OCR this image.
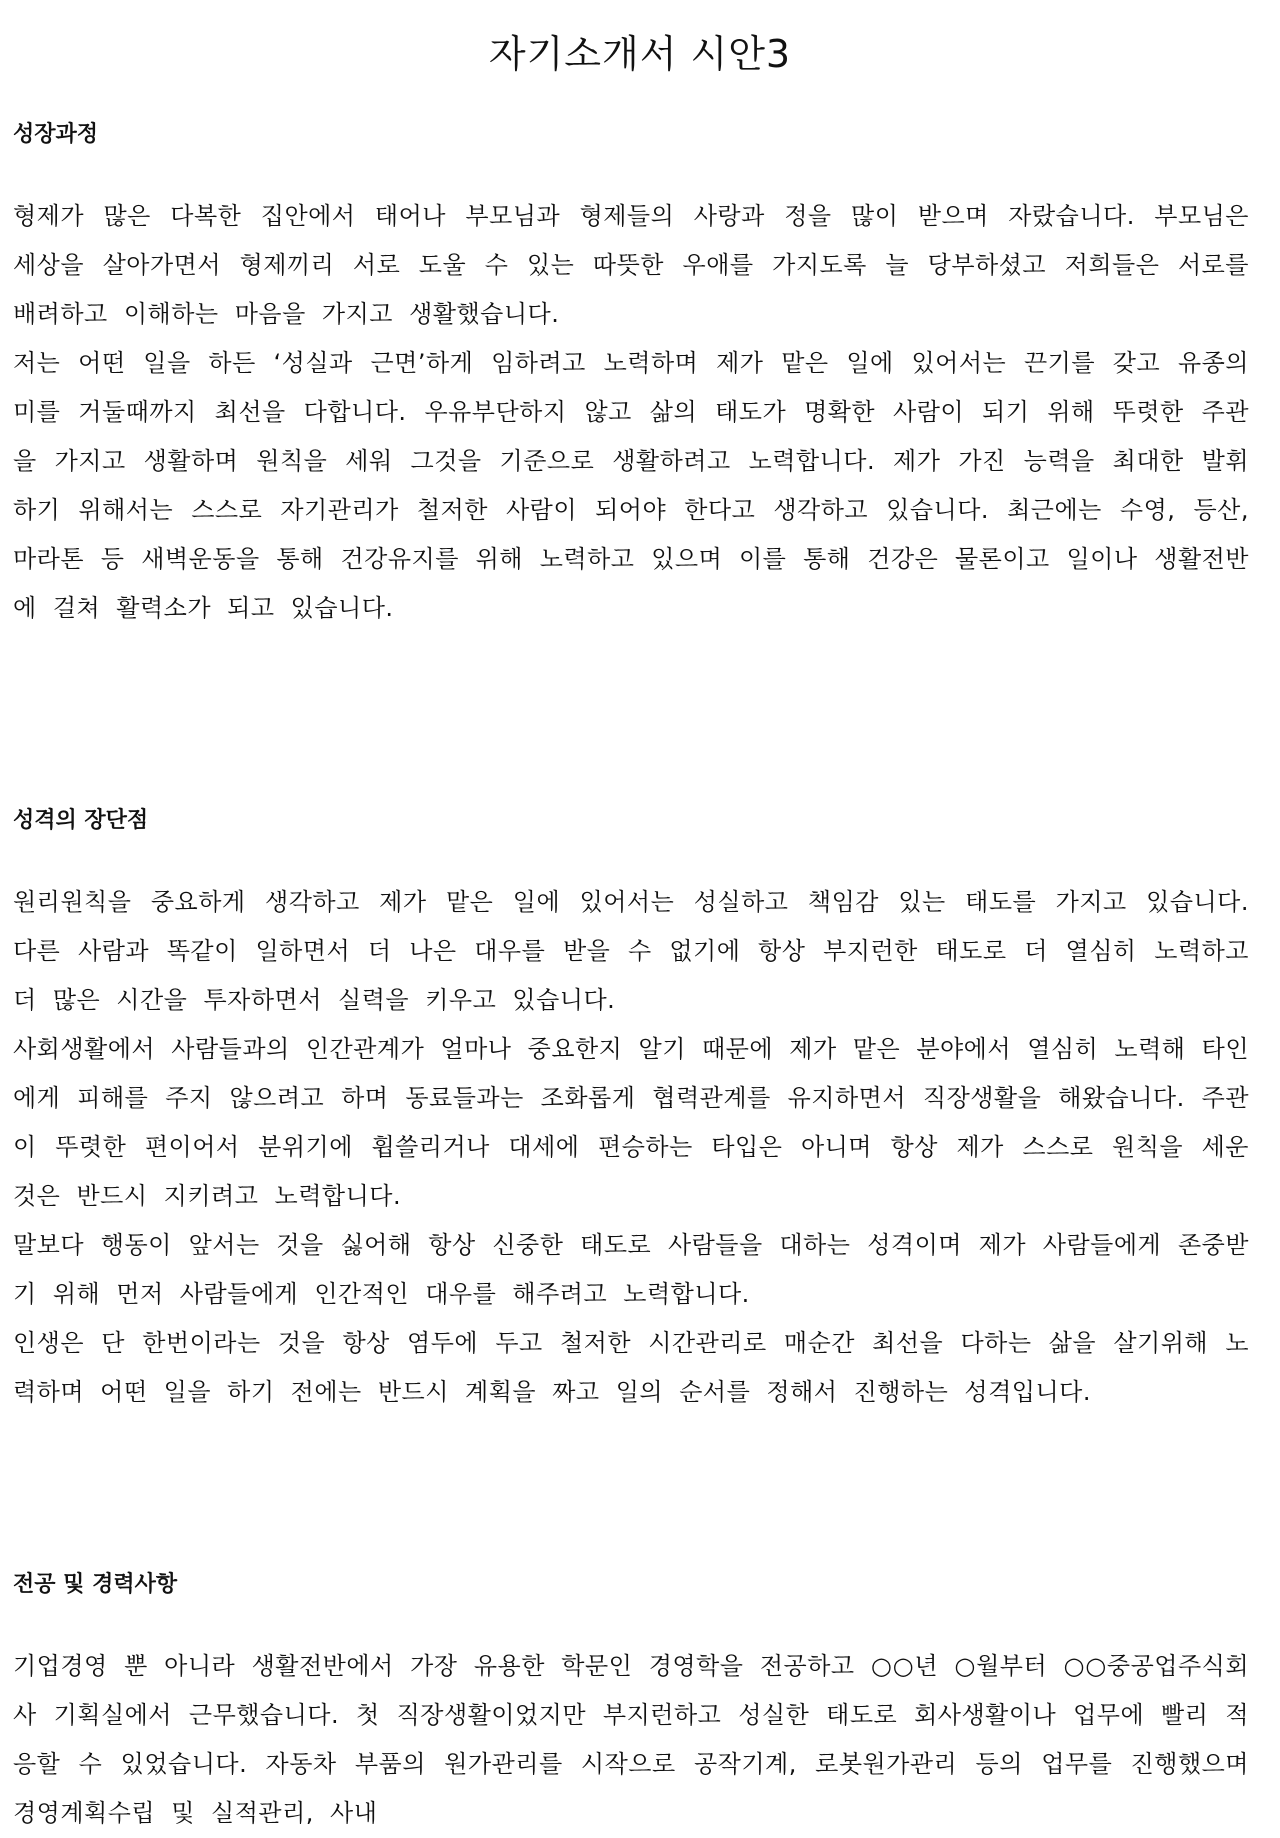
자기소개서 시안3
성장과정

형제가 많은 다복한 집안에서 태어나 부모님과 형제들의 사랑과 정을 많이 받으며 자랐습니다. 부모님은 세상을 살아가면서 형제끼리 서로 도울 수 있는 따뜻한 우애를 가지도록 늘 당부하셨고 저희들은 서로를 배려하고 이해하는 마음을 가지고 생활했습니다.

저는 어떤 일을 하든 ‘성실과 근면’하게 임하려고 노력하며 제가 맡은 일에 있어서는 끈기를 갖고 유종의 미를 거둘때까지 최선을 다합니다. 우유부단하지 않고 삶의 태도가 명확한 사람이 되기 위해 뚜렷한 주관을 가지고 생활하며 원칙을 세워 그것을 기준으로 생활하려고 노력합니다. 제가 가진 능력을 최대한 발휘하기 위해서는 스스로 자기관리가 철저한 사람이 되어야 한다고 생각하고 있습니다. 최근에는 수영, 등산, 마라톤 등 새벽운동을 통해 건강유지를 위해 노력하고 있으며 이를 통해 건강은 물론이고 일이나 생활전반에 걸쳐 활력소가 되고 있습니다.

성격의 장단점

원리원칙을 중요하게 생각하고 제가 맡은 일에 있어서는 성실하고 책임감 있는 태도를 가지고 있습니다. 다른 사람과 똑같이 일하면서 더 나은 대우를 받을 수 없기에 항상 부지런한 태도로 더 열심히 노력하고 더 많은 시간을 투자하면서 실력을 키우고 있습니다.

사회생활에서 사람들과의 인간관계가 얼마나 중요한지 알기 때문에 제가 맡은 분야에서 열심히 노력해 타인에게 피해를 주지 않으려고 하며 동료들과는 조화롭게 협력관계를 유지하면서 직장생활을 해왔습니다. 주관이 뚜렷한 편이어서 분위기에 휩쓸리거나 대세에 편승하는 타입은 아니며 항상 제가 스스로 원칙을 세운 것은 반드시 지키려고 노력합니다.

말보다 행동이 앞서는 것을 싫어해 항상 신중한 태도로 사람들을 대하는 성격이며 제가 사람들에게 존중받기 위해 먼저 사람들에게 인간적인 대우를 해주려고 노력합니다.

인생은 단 한번이라는 것을 항상 염두에 두고 철저한 시간관리로 매순간 최선을 다하는 삶을 살기위해 노력하며 어떤 일을 하기 전에는 반드시 계획을 짜고 일의 순서를 정해서 진행하는 성격입니다.

전공 및 경력사항

기업경영 뿐 아니라 생활전반에서 가장 유용한 학문인 경영학을 전공하고 ○○년 ○월부터 ○○중공업주식회사 기획실에서 근무했습니다. 첫 직장생활이었지만 부지런하고 성실한 태도로 회사생활이나 업무에 빨리 적응할 수 있었습니다. 자동차 부품의 원가관리를 시작으로 공작기계, 로봇원가관리 등의 업무를 진행했으며 경영계획수립 및 실적관리, 사내
